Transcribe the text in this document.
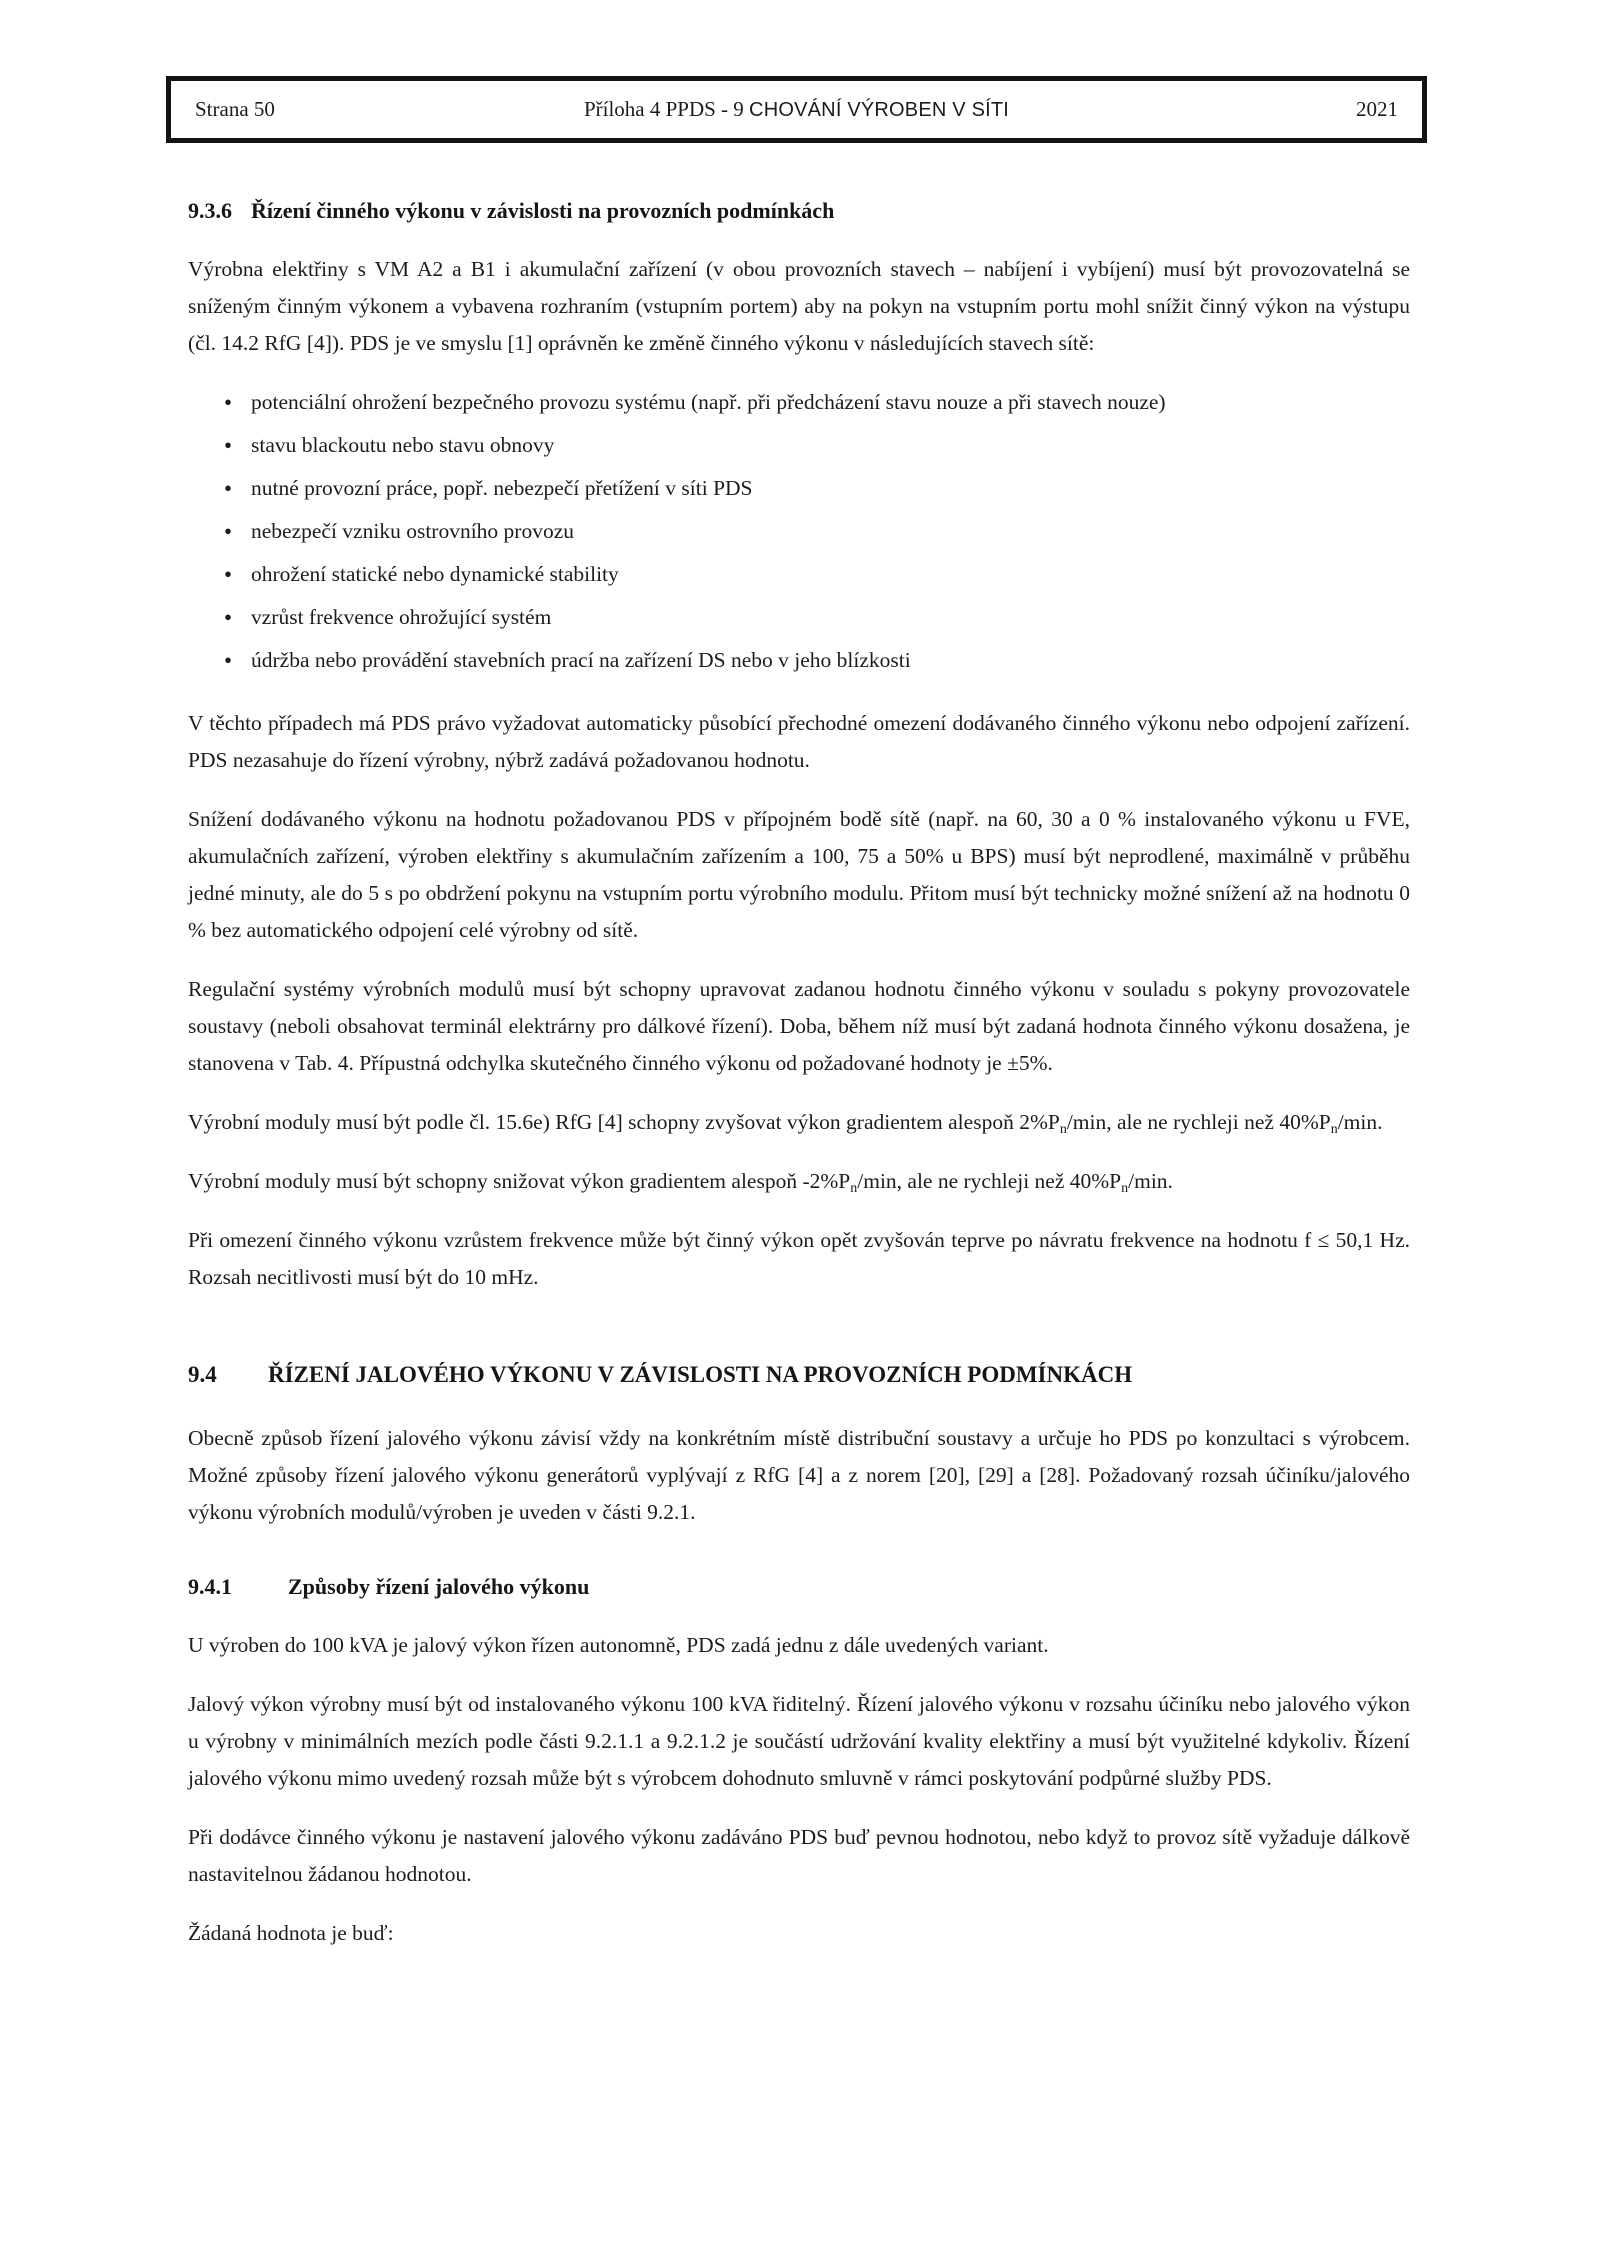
Strana 50	Příloha 4 PPDS - 9 CHOVÁNÍ VÝROBEN V SÍTI	2021
9.3.6 Řízení činného výkonu v závislosti na provozních podmínkách

Výrobna elektřiny s VM A2 a B1 i akumulační zařízení (v obou provozních stavech – nabíjení i vybíjení) musí být provozovatelná se sníženým činným výkonem a vybavena rozhraním (vstupním portem) aby na pokyn na vstupním portu mohl snížit činný výkon na výstupu (čl. 14.2 RfG [4]). PDS je ve smyslu [1] oprávněn ke změně činného výkonu v následujících stavech sítě:

• potenciální ohrožení bezpečného provozu systému (např. při předcházení stavu nouze a při stavech nouze)
• stavu blackoutu nebo stavu obnovy
• nutné provozní práce, popř. nebezpečí přetížení v síti PDS
• nebezpečí vzniku ostrovního provozu
• ohrožení statické nebo dynamické stability
• vzrůst frekvence ohrožující systém
• údržba nebo provádění stavebních prací na zařízení DS nebo v jeho blízkosti

V těchto případech má PDS právo vyžadovat automaticky působící přechodné omezení dodávaného činného výkonu nebo odpojení zařízení. PDS nezasahuje do řízení výrobny, nýbrž zadává požadovanou hodnotu.

Snížení dodávaného výkonu na hodnotu požadovanou PDS v přípojném bodě sítě (např. na 60, 30 a 0 % instalovaného výkonu u FVE, akumulačních zařízení, výroben elektřiny s akumulačním zařízením a 100, 75 a 50% u BPS) musí být neprodlené, maximálně v průběhu jedné minuty, ale do 5 s po obdržení pokynu na vstupním portu výrobního modulu. Přitom musí být technicky možné snížení až na hodnotu 0 % bez automatického odpojení celé výrobny od sítě.

Regulační systémy výrobních modulů musí být schopny upravovat zadanou hodnotu činného výkonu v souladu s pokyny provozovatele soustavy (neboli obsahovat terminál elektrárny pro dálkové řízení). Doba, během níž musí být zadaná hodnota činného výkonu dosažena, je stanovena v Tab. 4. Přípustná odchylka skutečného činného výkonu od požadované hodnoty je ±5%.

Výrobní moduly musí být podle čl. 15.6e) RfG [4] schopny zvyšovat výkon gradientem alespoň $2\%P_n/\min$, ale ne rychleji než $40\%P_n/\min$.

Výrobní moduly musí být schopny snižovat výkon gradientem alespoň $-2\%P_n/\min$, ale ne rychleji než $40\%P_n/\min$.

Při omezení činného výkonu vzrůstem frekvence může být činný výkon opět zvyšován teprve po návratu frekvence na hodnotu f ≤ 50,1 Hz. Rozsah necitlivosti musí být do 10 mHz.

9.4	ŘÍZENÍ JALOVÉHO VÝKONU V ZÁVISLOSTI NA PROVOZNÍCH PODMÍNKÁCH

Obecně způsob řízení jalového výkonu závisí vždy na konkrétním místě distribuční soustavy a určuje ho PDS po konzultaci s výrobcem. Možné způsoby řízení jalového výkonu generátorů vyplývají z RfG [4] a z norem [20], [29] a [28]. Požadovaný rozsah účiníku/jalového výkonu výrobních modulů/výroben je uveden v části 9.2.1.

9.4.1	Způsoby řízení jalového výkonu

U výroben do 100 kVA je jalový výkon řízen autonomně, PDS zadá jednu z dále uvedených variant.

Jalový výkon výrobny musí být od instalovaného výkonu 100 kVA řiditelný. Řízení jalového výkonu v rozsahu účiníku nebo jalového výkon u výrobny v minimálních mezích podle části 9.2.1.1 a 9.2.1.2 je součástí udržování kvality elektřiny a musí být využitelné kdykoliv. Řízení jalového výkonu mimo uvedený rozsah může být s výrobcem dohodnuto smluvně v rámci poskytování podpůrné služby PDS.

Při dodávce činného výkonu je nastavení jalového výkonu zadáváno PDS buď pevnou hodnotou, nebo když to provoz sítě vyžaduje dálkově nastavitelnou žádanou hodnotou.

Žádaná hodnota je buď:
